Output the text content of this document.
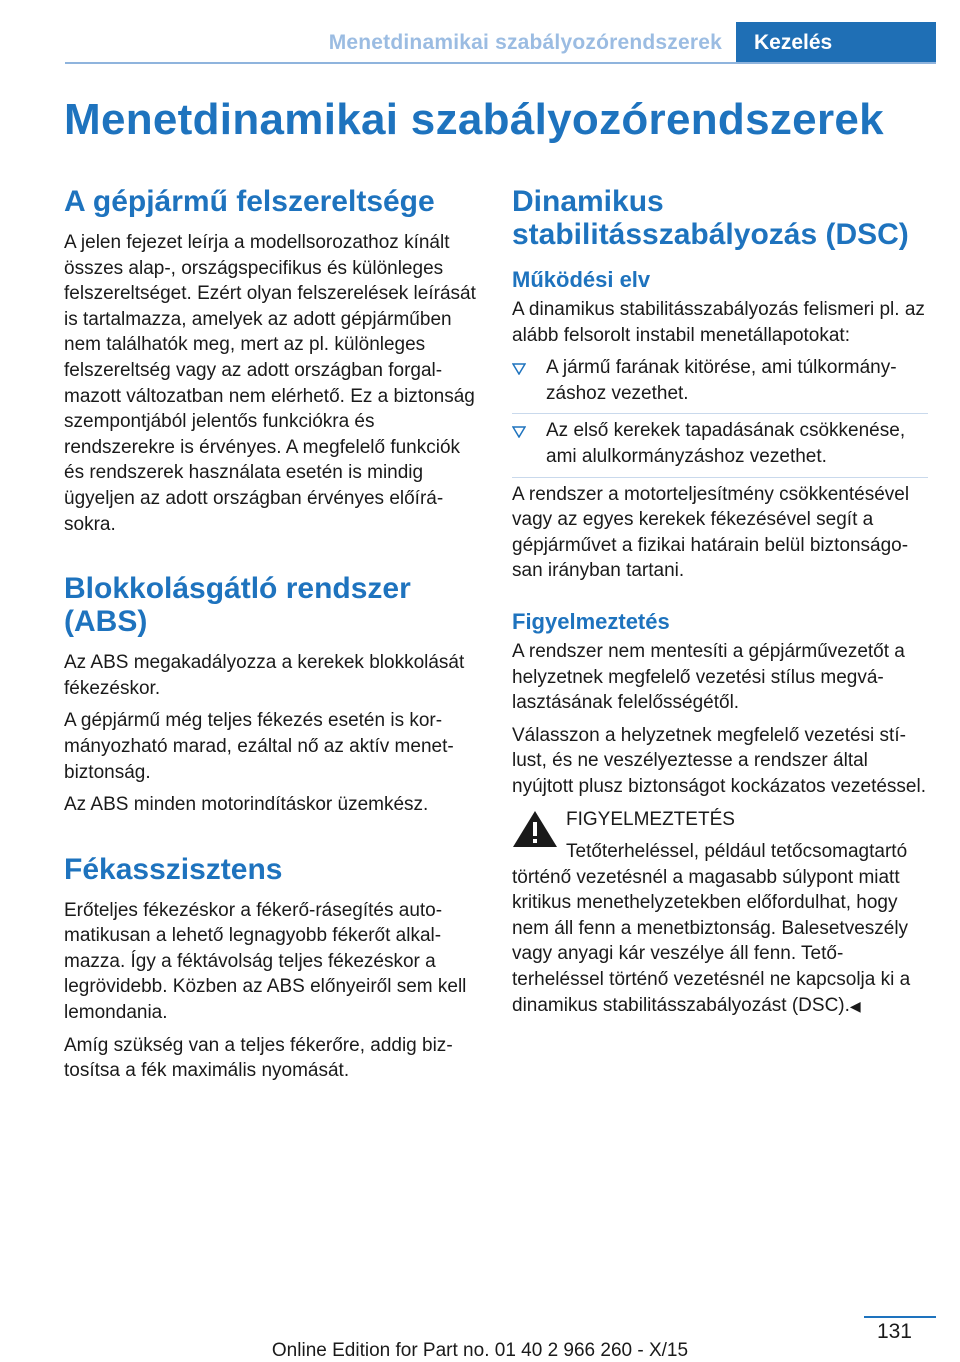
Menetdinamikai szabályozórendszerek	Kezelés
Menetdinamikai szabályozórendszerek
A gépjármű felszereltsége

A jelen fejezet leírja a modellsorozathoz kínált összes alap-, országspecifikus és különleges felszereltséget. Ezért olyan felszerelések leírását is tartalmazza, amelyek az adott gépjárműben nem találhatók meg, mert az pl. különleges felszereltség vagy az adott országban forgalmazott változatban nem elérhető. Ez a biztonság szempontjából jelentős funkciókra és rendszerekre is érvényes. A megfelelő funkciók és rendszerek használata esetén is mindig ügyeljen az adott országban érvényes előírásokra.

Blokkolásgátló rendszer (ABS)

Az ABS megakadályozza a kerekek blokkolását fékezéskor.

A gépjármű még teljes fékezés esetén is kormányozható marad, ezáltal nő az aktív menetbiztonság.

Az ABS minden motorindításkor üzemkész.

Fékasszisztens

Erőteljes fékezéskor a fékerő-rásegítés automatikusan a lehető legnagyobb fékerőt alkalmazza. Így a féktávolság teljes fékezéskor a legrövidebb. Közben az ABS előnyeiről sem kell lemondania.

Amíg szükség van a teljes fékerőre, addig biztosítsa a fék maximális nyomását.

Dinamikus stabilitásszabályozás (DSC)
Működési elv

A dinamikus stabilitásszabályozás felismeri pl. az alább felsorolt instabil menetállapotokat:

A jármű farának kitörése, ami túlkormányzáshoz vezethet.
Az első kerekek tapadásának csökkenése, ami alulkormányzáshoz vezethet.

A rendszer a motorteljesítmény csökkentésével vagy az egyes kerekek fékezésével segít a gépjárművet a fizikai határain belül biztonságosan irányban tartani.

Figyelmeztetés

A rendszer nem mentesíti a gépjárművezetőt a helyzetnek megfelelő vezetési stílus megválasztásának felelősségétől.

Válasszon a helyzetnek megfelelő vezetési stílust, és ne veszélyeztesse a rendszer által nyújtott plusz biztonságot kockázatos vezetéssel.

FIGYELMEZTETÉS
Tetőterheléssel, például tetőcsomagtartó történő vezetésnél a magasabb súlypont miatt kritikus menethelyzetekben előfordulhat, hogy nem áll fenn a menetbiztonság. Balesetveszély vagy anyagi kár veszélye áll fenn. Tetőterheléssel történő vezetésnél ne kapcsolja ki a dinamikus stabilitásszabályozást (DSC).◀
131
Online Edition for Part no. 01 40 2 966 260 - X/15
